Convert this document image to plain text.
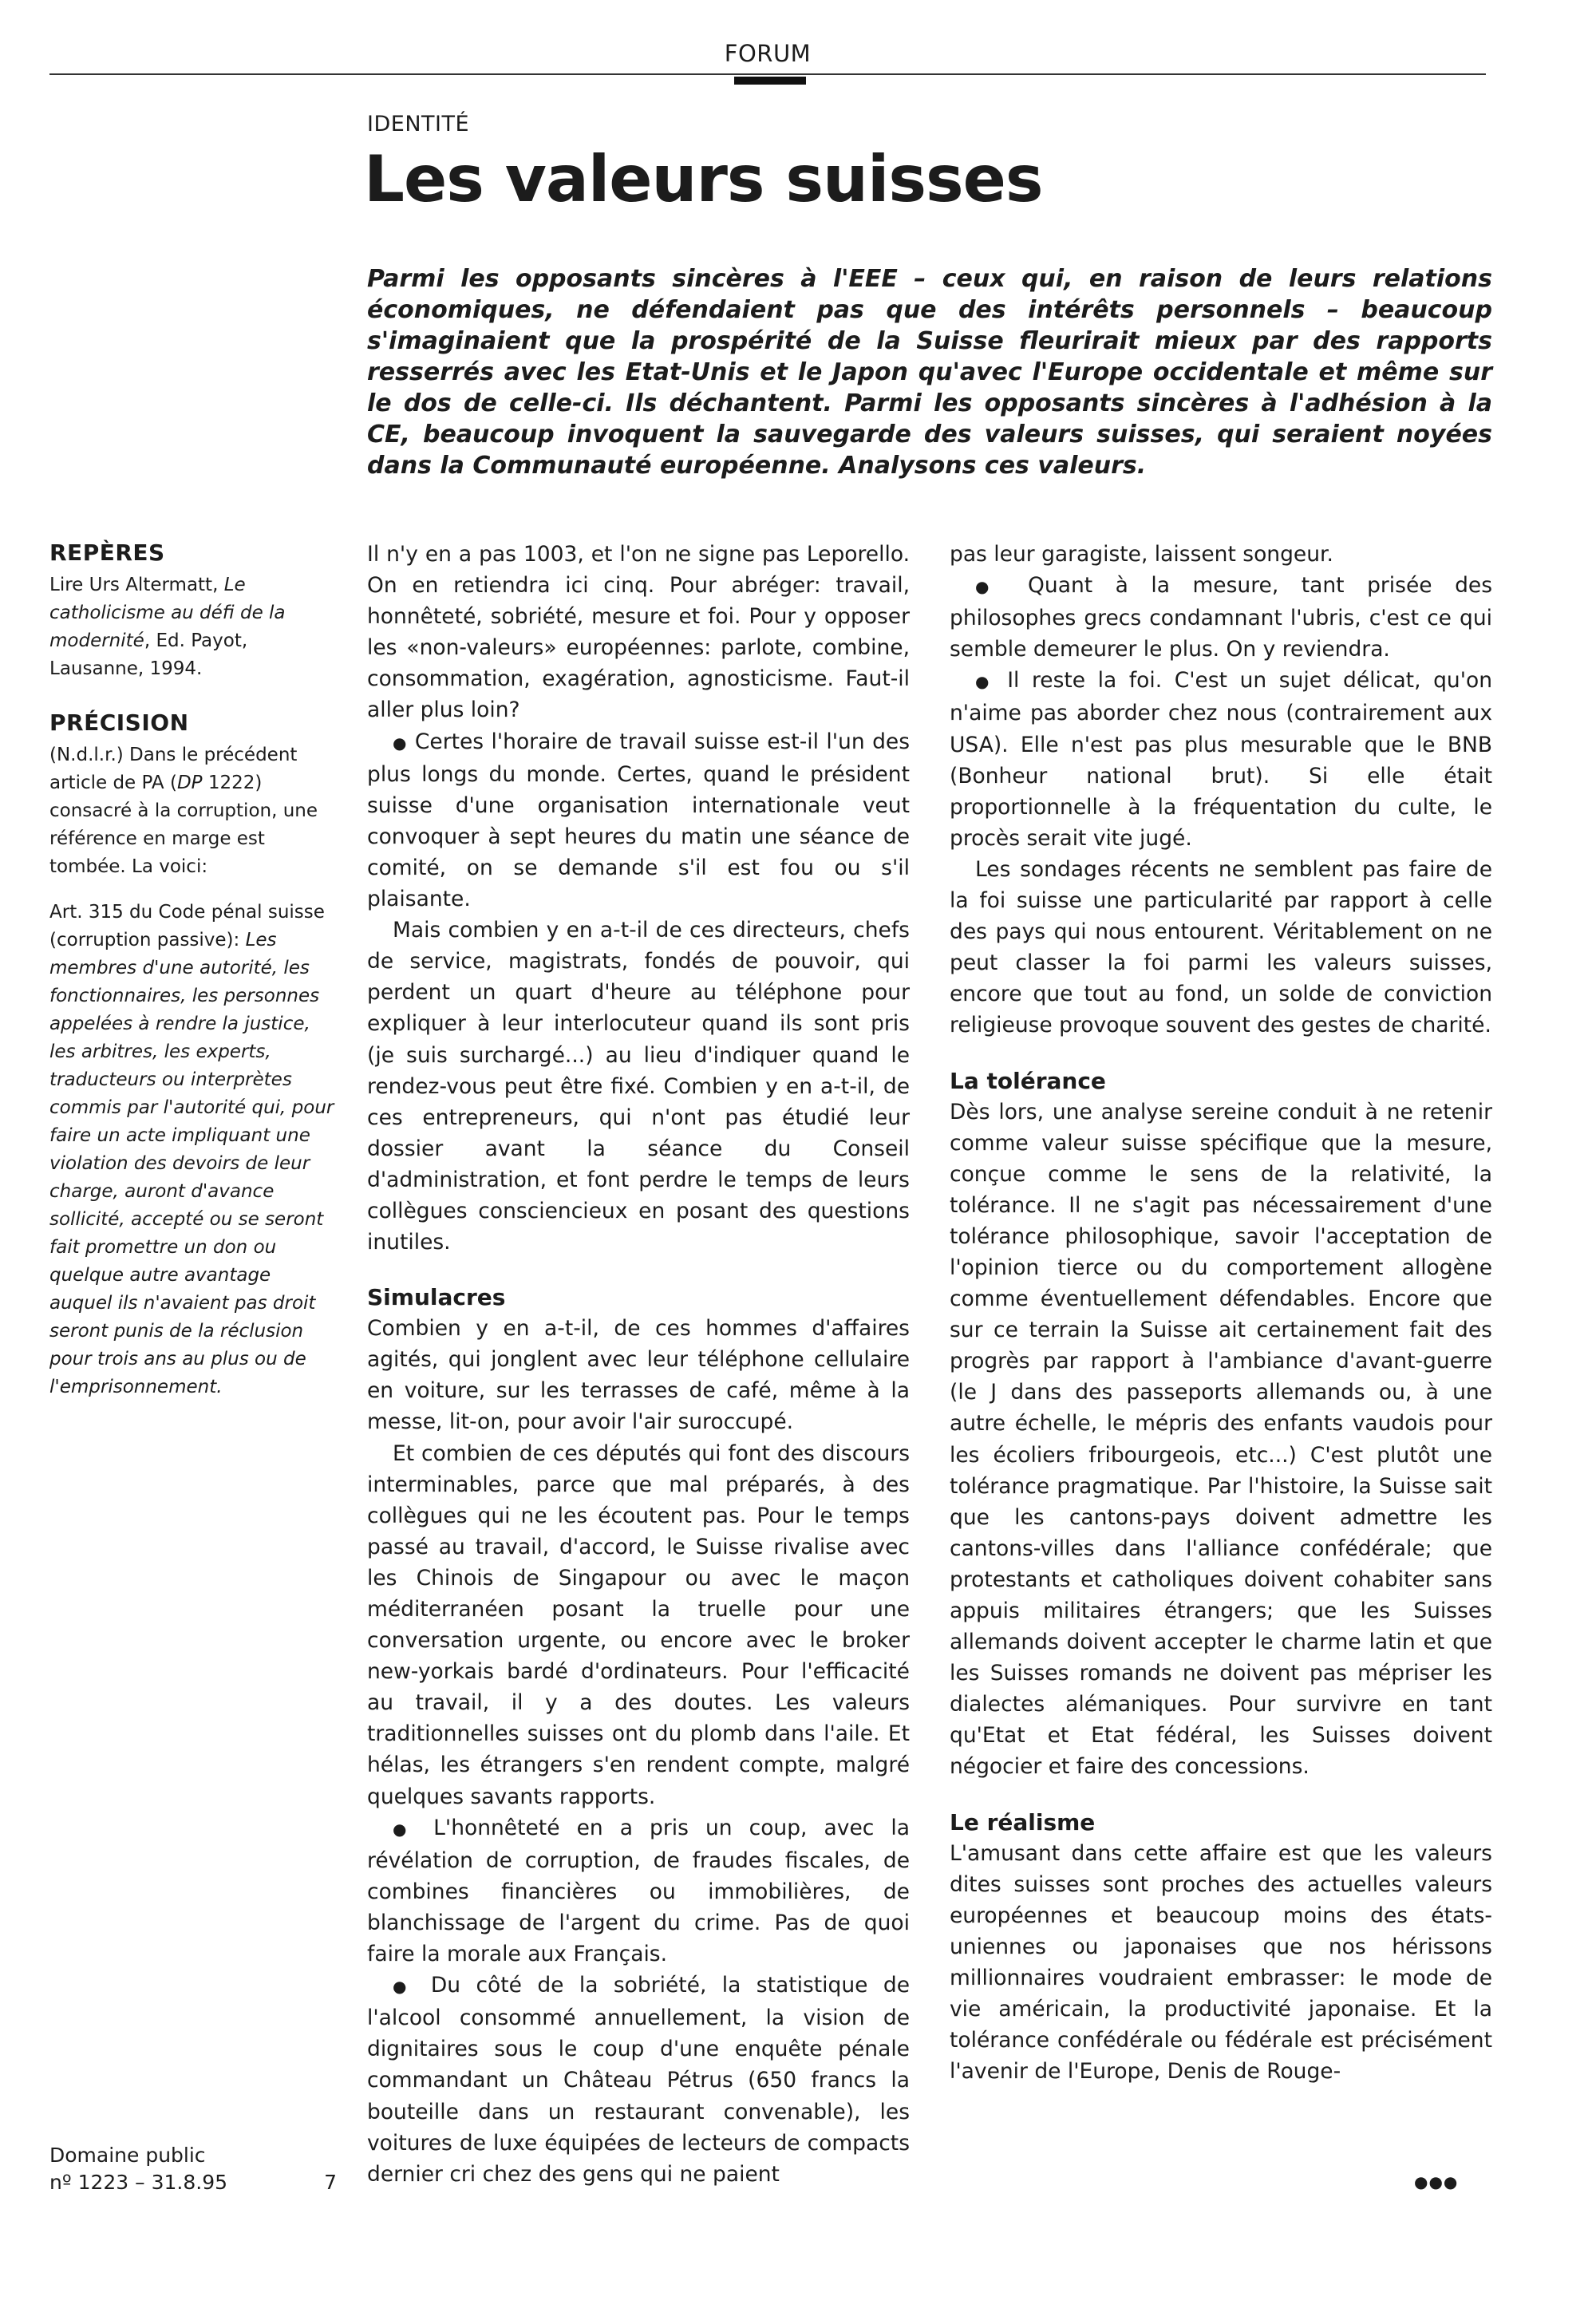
FORUM
IDENTITÉ
Les valeurs suisses

Parmi les opposants sincères à l'EEE – ceux qui, en raison de leurs relations économiques, ne défendaient pas que des intérêts personnels – beaucoup s'imaginaient que la prospérité de la Suisse fleurirait mieux par des rapports resserrés avec les Etat-Unis et le Japon qu'avec l'Europe occidentale et même sur le dos de celle-ci. Ils déchantent. Parmi les opposants sincères à l'adhésion à la CE, beaucoup invoquent la sauvegarde des valeurs suisses, qui seraient noyées dans la Communauté européenne. Analysons ces valeurs.

REPÈRES

Lire Urs Altermatt, Le catholicisme au défi de la modernité, Ed. Payot, Lausanne, 1994.

PRÉCISION

(N.d.l.r.) Dans le précédent article de PA (DP 1222) consacré à la corruption, une référence en marge est tombée. La voici:

Art. 315 du Code pénal suisse (corruption passive): Les membres d'une autorité, les fonctionnaires, les personnes appelées à rendre la justice, les arbitres, les experts, traducteurs ou interprètes commis par l'autorité qui, pour faire un acte impliquant une violation des devoirs de leur charge, auront d'avance sollicité, accepté ou se seront fait promettre un don ou quelque autre avantage auquel ils n'avaient pas droit seront punis de la réclusion pour trois ans au plus ou de l'emprisonnement.

Domaine public
nº 1223 – 31.8.95	7

Il n'y en a pas 1003, et l'on ne signe pas Leporello. On en retiendra ici cinq. Pour abréger: travail, honnêteté, sobriété, mesure et foi. Pour y opposer les «non-valeurs» européennes: parlote, combine, consommation, exagération, agnosticisme. Faut-il aller plus loin?

● Certes l'horaire de travail suisse est-il l'un des plus longs du monde. Certes, quand le président suisse d'une organisation internationale veut convoquer à sept heures du matin une séance de comité, on se demande s'il est fou ou s'il plaisante.

Mais combien y en a-t-il de ces directeurs, chefs de service, magistrats, fondés de pouvoir, qui perdent un quart d'heure au téléphone pour expliquer à leur interlocuteur quand ils sont pris (je suis surchargé...) au lieu d'indiquer quand le rendez-vous peut être fixé. Combien y en a-t-il, de ces entrepreneurs, qui n'ont pas étudié leur dossier avant la séance du Conseil d'administration, et font perdre le temps de leurs collègues consciencieux en posant des questions inutiles.

Simulacres

Combien y en a-t-il, de ces hommes d'affaires agités, qui jonglent avec leur téléphone cellulaire en voiture, sur les terrasses de café, même à la messe, lit-on, pour avoir l'air suroccupé.

Et combien de ces députés qui font des discours interminables, parce que mal préparés, à des collègues qui ne les écoutent pas. Pour le temps passé au travail, d'accord, le Suisse rivalise avec les Chinois de Singapour ou avec le maçon méditerranéen posant la truelle pour une conversation urgente, ou encore avec le broker new-yorkais bardé d'ordinateurs. Pour l'efficacité au travail, il y a des doutes. Les valeurs traditionnelles suisses ont du plomb dans l'aile. Et hélas, les étrangers s'en rendent compte, malgré quelques savants rapports.

● L'honnêteté en a pris un coup, avec la révélation de corruption, de fraudes fiscales, de combines financières ou immobilières, de blanchissage de l'argent du crime. Pas de quoi faire la morale aux Français.

● Du côté de la sobriété, la statistique de l'alcool consommé annuellement, la vision de dignitaires sous le coup d'une enquête pénale commandant un Château Pétrus (650 francs la bouteille dans un restaurant convenable), les voitures de luxe équipées de lecteurs de compacts dernier cri chez des gens qui ne paient

pas leur garagiste, laissent songeur.

● Quant à la mesure, tant prisée des philosophes grecs condamnant l'ubris, c'est ce qui semble demeurer le plus. On y reviendra.

● Il reste la foi. C'est un sujet délicat, qu'on n'aime pas aborder chez nous (contrairement aux USA). Elle n'est pas plus mesurable que le BNB (Bonheur national brut). Si elle était proportionnelle à la fréquentation du culte, le procès serait vite jugé.

Les sondages récents ne semblent pas faire de la foi suisse une particularité par rapport à celle des pays qui nous entourent. Véritablement on ne peut classer la foi parmi les valeurs suisses, encore que tout au fond, un solde de conviction religieuse provoque souvent des gestes de charité.

La tolérance

Dès lors, une analyse sereine conduit à ne retenir comme valeur suisse spécifique que la mesure, conçue comme le sens de la relativité, la tolérance. Il ne s'agit pas nécessairement d'une tolérance philosophique, savoir l'acceptation de l'opinion tierce ou du comportement allogène comme éventuellement défendables. Encore que sur ce terrain la Suisse ait certainement fait des progrès par rapport à l'ambiance d'avant-guerre (le J dans des passeports allemands ou, à une autre échelle, le mépris des enfants vaudois pour les écoliers fribourgeois, etc...) C'est plutôt une tolérance pragmatique. Par l'histoire, la Suisse sait que les cantons-pays doivent admettre les cantons-villes dans l'alliance confédérale; que protestants et catholiques doivent cohabiter sans appuis militaires étrangers; que les Suisses allemands doivent accepter le charme latin et que les Suisses romands ne doivent pas mépriser les dialectes alémaniques. Pour survivre en tant qu'Etat et Etat fédéral, les Suisses doivent négocier et faire des concessions.

Le réalisme

L'amusant dans cette affaire est que les valeurs dites suisses sont proches des actuelles valeurs européennes et beaucoup moins des états-uniennes ou japonaises que nos hérissons millionnaires voudraient embrasser: le mode de vie américain, la productivité japonaise. Et la tolérance confédérale ou fédérale est précisément l'avenir de l'Europe, Denis de Rouge-

●●●
